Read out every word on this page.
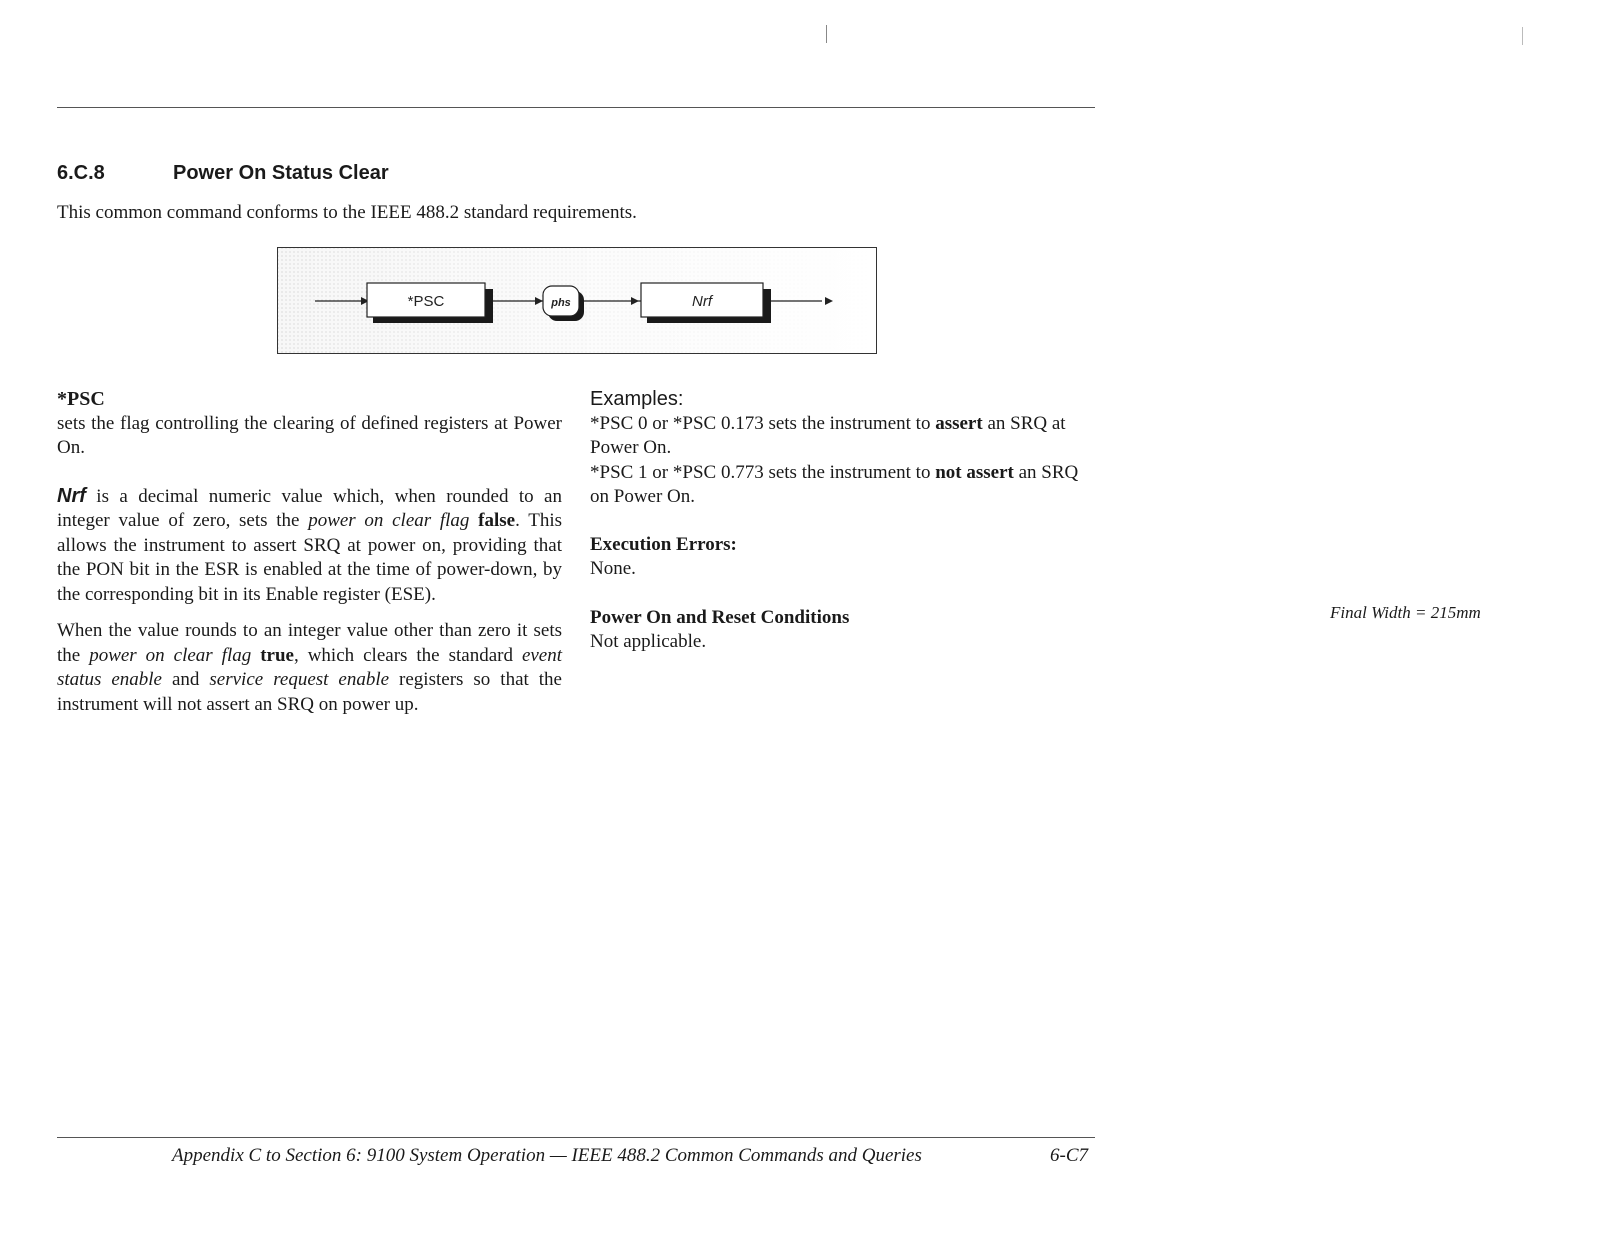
6.C.8	Power On Status Clear
This common command conforms to the IEEE 488.2 standard requirements.
*PSC	phs	Nrf

*PSC

sets the flag controlling the clearing of defined registers at Power On.

Nrf is a decimal numeric value which, when rounded to an integer value of zero, sets the power on clear flag false. This allows the instrument to assert SRQ at power on, providing that the PON bit in the ESR is enabled at the time of power-down, by the corresponding bit in its Enable register (ESE).

When the value rounds to an integer value other than zero it sets the power on clear flag true, which clears the standard event status enable and service request enable registers so that the instrument will not assert an SRQ on power up.

Examples:

*PSC 0 or *PSC 0.173 sets the instrument to assert an SRQ at Power On.

*PSC 1 or *PSC 0.773 sets the instrument to not assert an SRQ on Power On.

Execution Errors:

None.

Power On and Reset Conditions

Not applicable.

Final Width = 215mm
Appendix C to Section 6: 9100 System Operation — IEEE 488.2 Common Commands and Queries	6-C7
